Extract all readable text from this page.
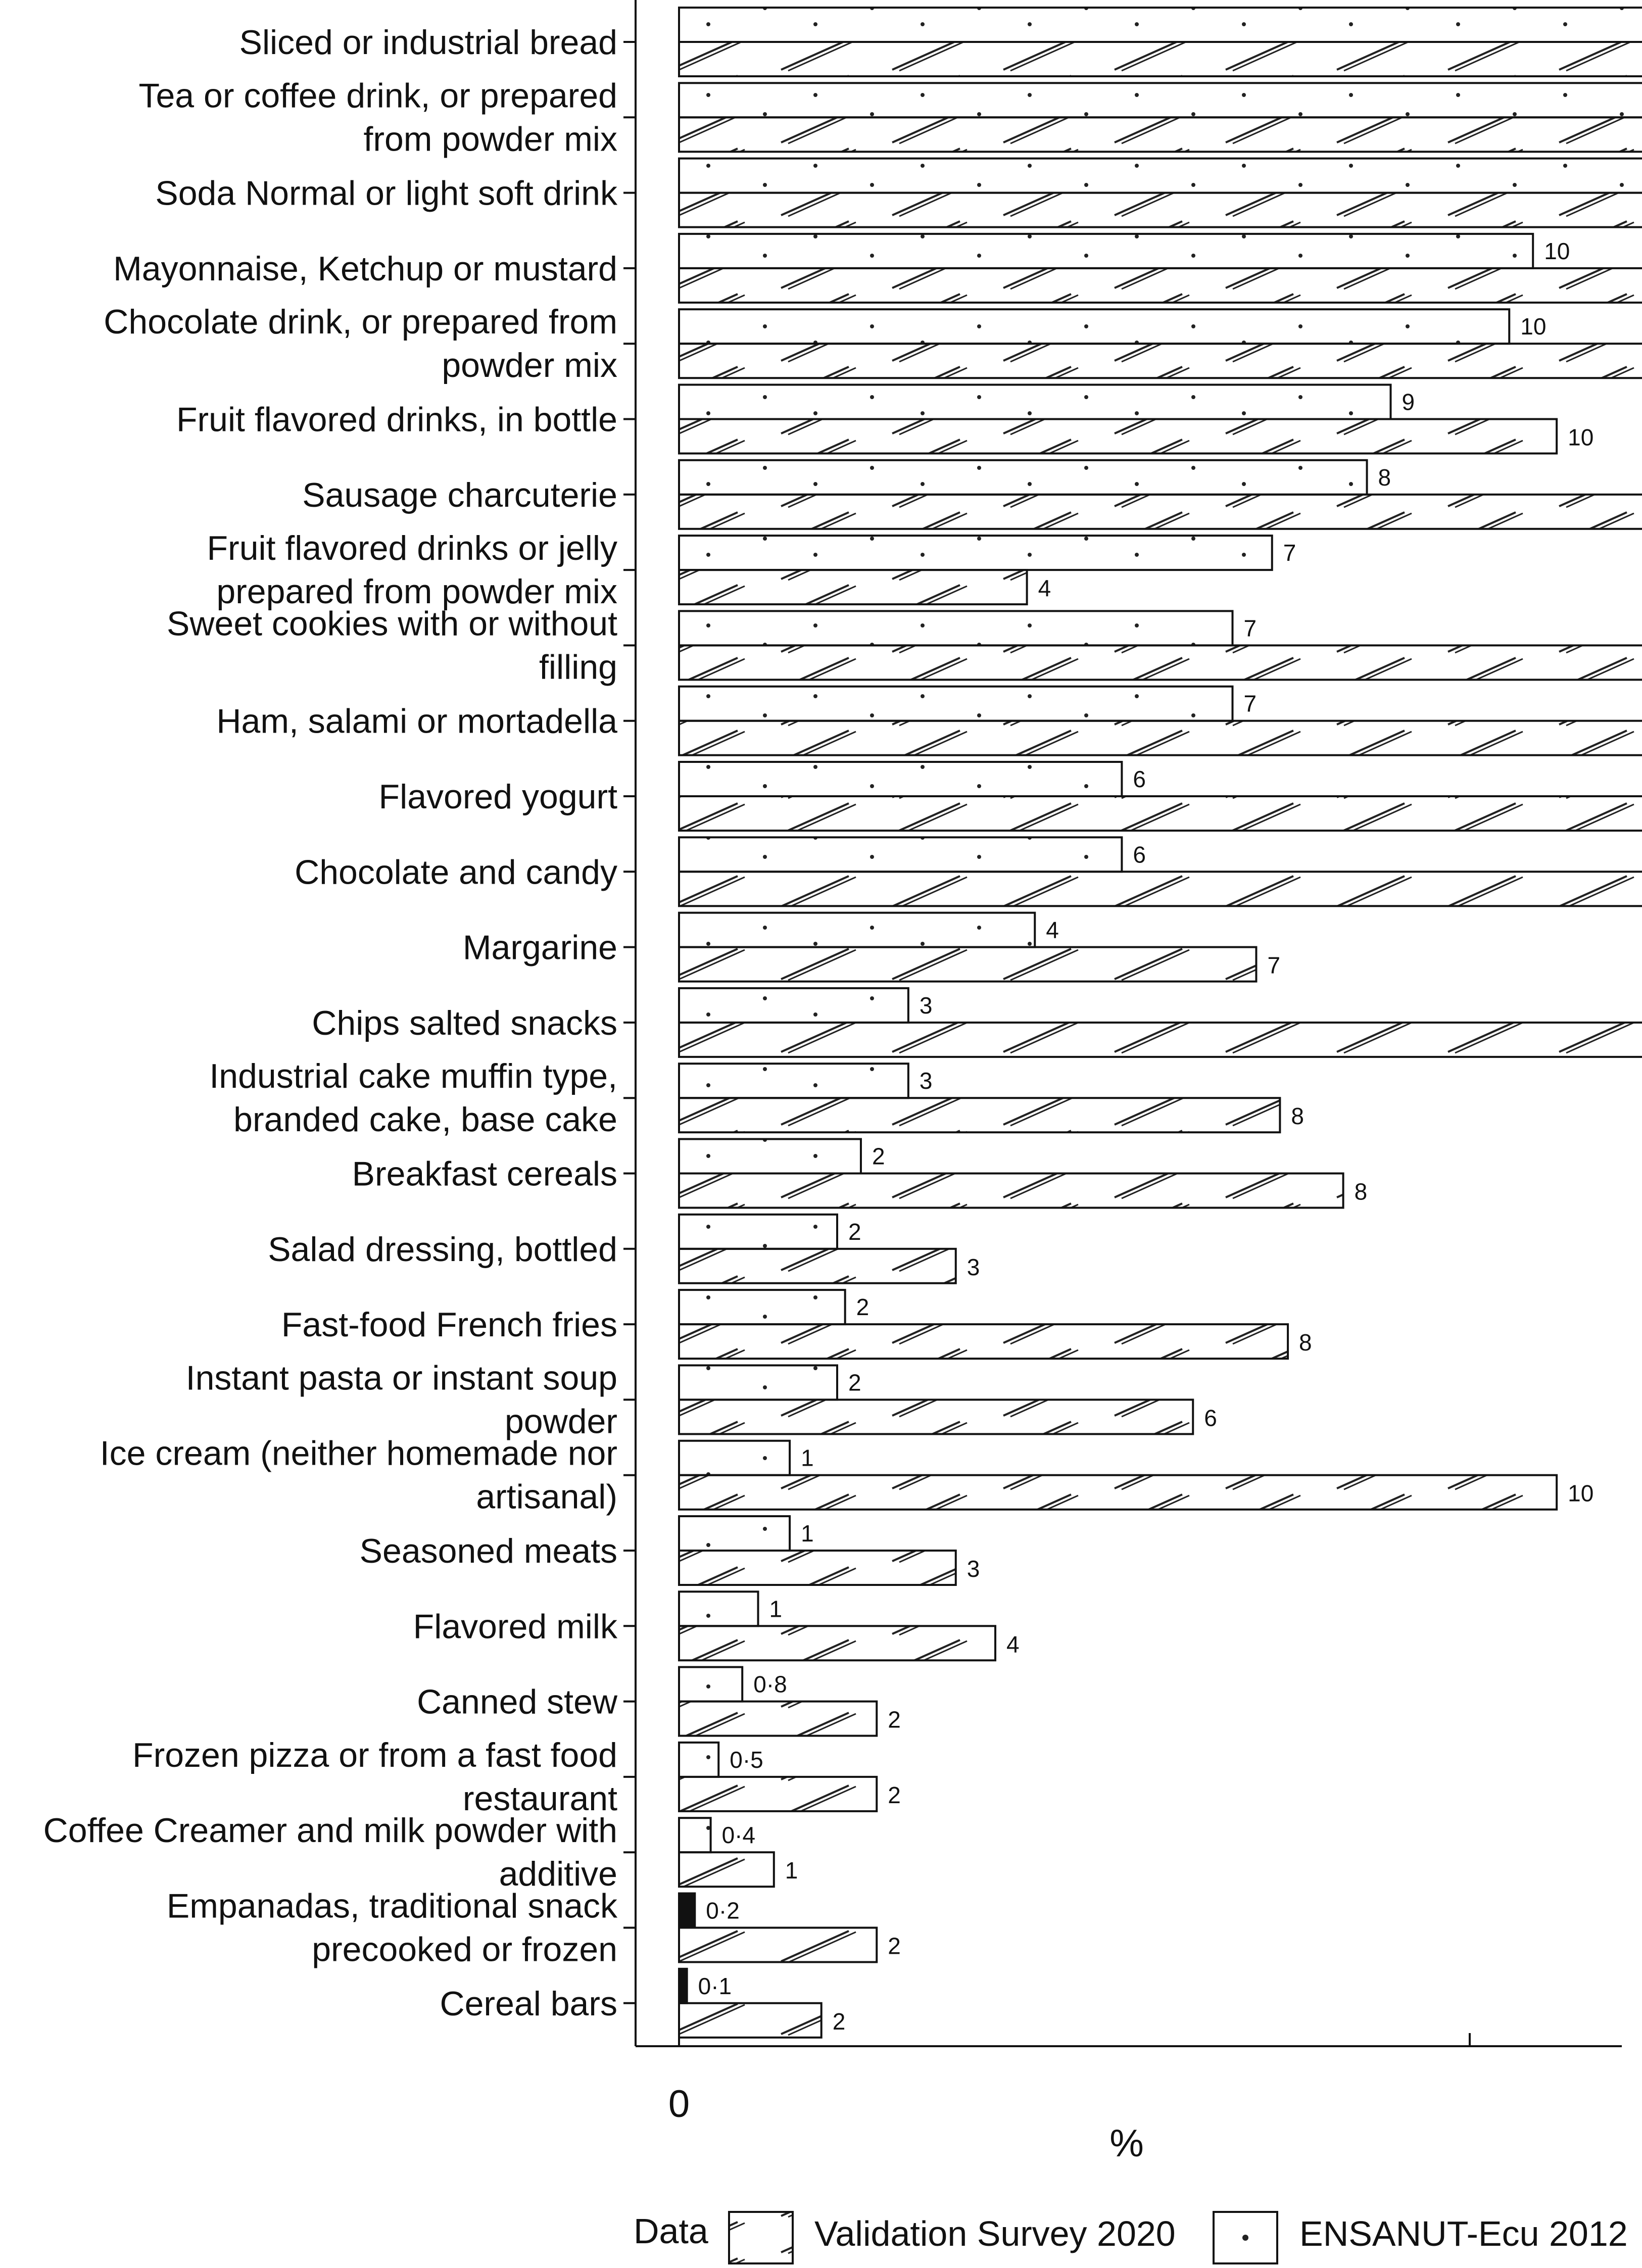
0
Sliced or industrial bread
Tea or coffee drink, or prepared
from powder mix
Soda Normal or light soft drink
Mayonnaise, Ketchup or mustard	10
Chocolate drink, or prepared from
powder mix
10
Fruit flavored drinks, in bottle	9
10
Sausage charcuterie	8
Fruit flavored drinks or jelly
prepared from powder mix
7
4
Sweet cookies with or without
filling
7
Ham, salami or mortadella	7
Flavored yogurt	6
Chocolate and candy	6
Margarine	4
7
Chips salted snacks	3
Industrial cake muffin type,
branded cake, base cake
3
8
Breakfast cereals	2
8
Salad dressing, bottled	2
3
Fast-food French fries	2
8
Instant pasta or instant soup
powder
2
6
Ice cream (neither homemade nor
artisanal)
1
10
Seasoned meats	1
3
Flavored milk	1
4
Canned stew	0·8
2
Frozen pizza or from a fast food
restaurant
0·5
2
Coffee Creamer and milk powder with
additive
0·4
1
Empanadas, traditional snack
precooked or frozen
0·2
2
Cereal bars	0·1
2
%
Data	Validation Survey 2020	ENSANUT-Ecu 2012
